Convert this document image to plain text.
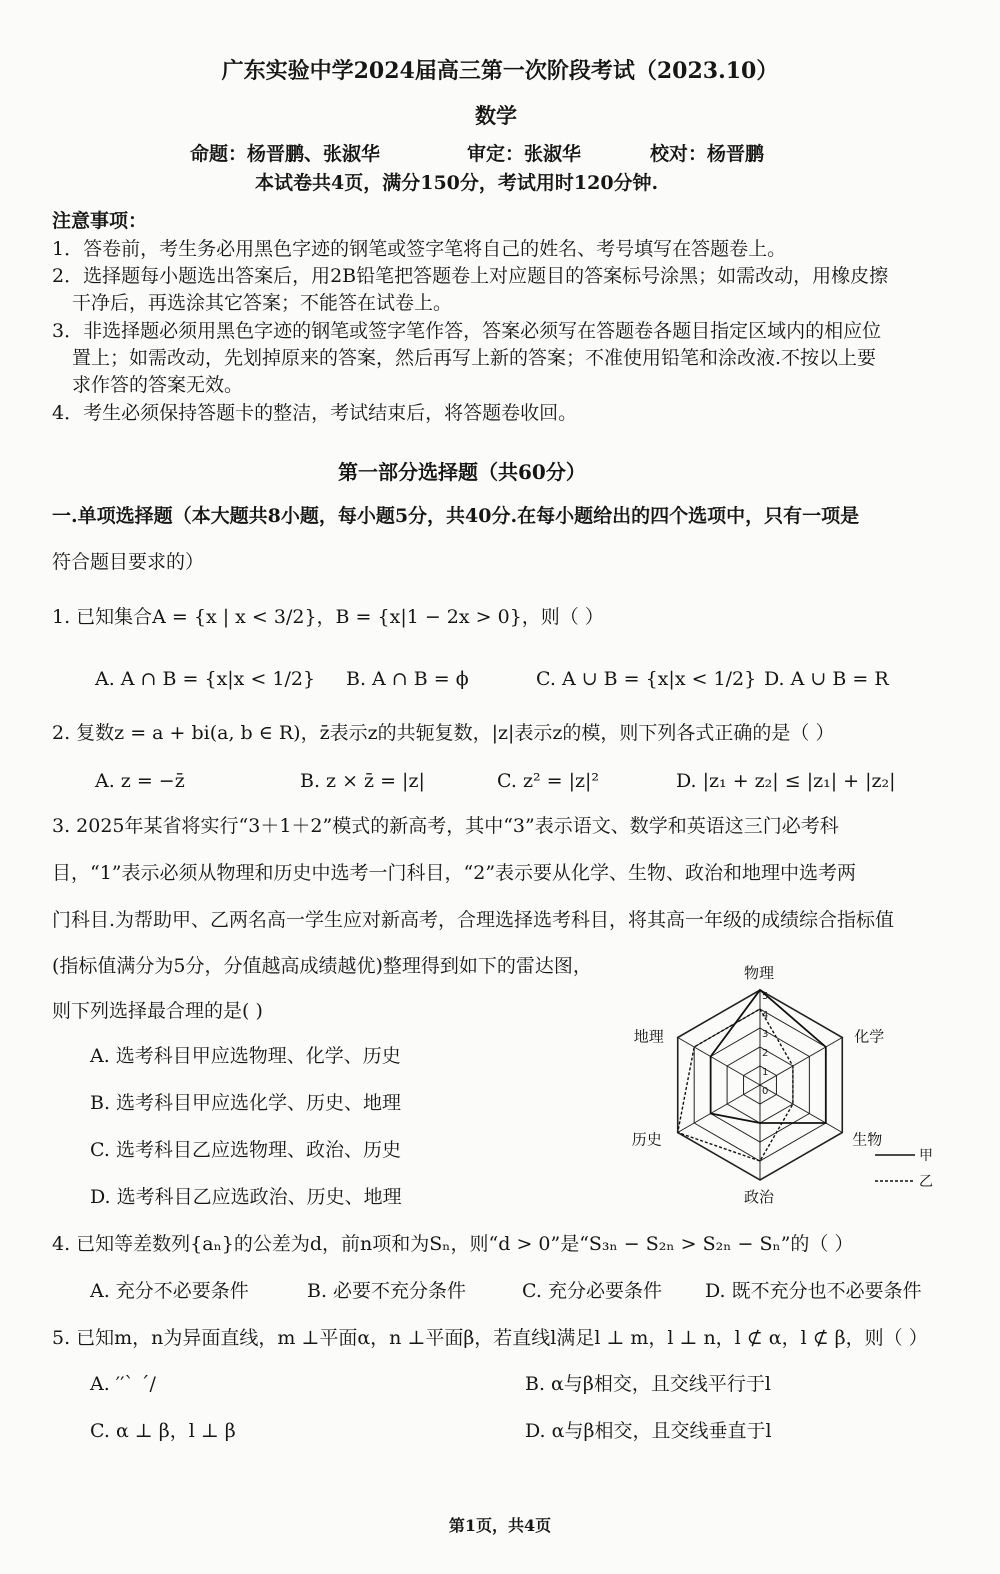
广东实验中学2024届高三第一次阶段考试（2023.10）
数学
命题：杨晋鹏、张淑华	审定：张淑华	校对：杨晋鹏
本试卷共4页，满分150分，考试用时120分钟.
注意事项：
1．答卷前，考生务必用黑色字迹的钢笔或签字笔将自己的姓名、考号填写在答题卷上。
2．选择题每小题选出答案后，用2B铅笔把答题卷上对应题目的答案标号涂黑；如需改动，用橡皮擦
干净后，再选涂其它答案；不能答在试卷上。
3．非选择题必须用黑色字迹的钢笔或签字笔作答，答案必须写在答题卷各题目指定区域内的相应位
置上；如需改动，先划掉原来的答案，然后再写上新的答案；不准使用铅笔和涂改液.不按以上要
求作答的答案无效。
4．考生必须保持答题卡的整洁，考试结束后，将答题卷收回。
第一部分选择题（共60分）
一.单项选择题（本大题共8小题，每小题5分，共40分.在每小题给出的四个选项中，只有一项是
符合题目要求的）
1. 已知集合A = {x | x < 3/2}，B = {x|1 − 2x > 0}，则（ ）
A. A ∩ B = {x|x < 1/2} B. A ∩ B = ϕ	C. A ∪ B = {x|x < 1/2} D. A ∪ B = R
2. 复数z = a + bi(a, b ∈ R)，z̄表示z的共轭复数，|z|表示z的模，则下列各式正确的是（ ）
A. z = −z̄	B. z × z̄ = |z|	C. z² = |z|²	D. |z₁ + z₂| ≤ |z₁| + |z₂|
3. 2025年某省将实行“3＋1＋2”模式的新高考，其中“3”表示语文、数学和英语这三门必考科
目，“1”表示必须从物理和历史中选考一门科目，“2”表示要从化学、生物、政治和地理中选考两
门科目.为帮助甲、乙两名高一学生应对新高考，合理选择选考科目，将其高一年级的成绩综合指标值
(指标值满分为5分，分值越高成绩越优)整理得到如下的雷达图，
则下列选择最合理的是( )
A. 选考科目甲应选物理、化学、历史
B. 选考科目甲应选化学、历史、地理
C. 选考科目乙应选物理、政治、历史
D. 选考科目乙应选政治、历史、地理
5
4
3
2
1
0
物理
化学
生物
政治
历史
地理
甲
乙
4. 已知等差数列{aₙ}的公差为d，前n项和为Sₙ，则“d > 0”是“S₃ₙ − S₂ₙ > S₂ₙ − Sₙ”的（ ）
A. 充分不必要条件	B. 必要不充分条件	C. 充分必要条件 D. 既不充分也不必要条件
5. 已知m，n为异面直线，m ⊥平面α，n ⊥平面β，若直线l满足l ⊥ m，l ⊥ n，l ⊄ α，l ⊄ β，则（ ）
A. ′′ˋ ˊ/	B. α与β相交，且交线平行于l
C. α ⊥ β，l ⊥ β	D. α与β相交，且交线垂直于l
第1页，共4页
